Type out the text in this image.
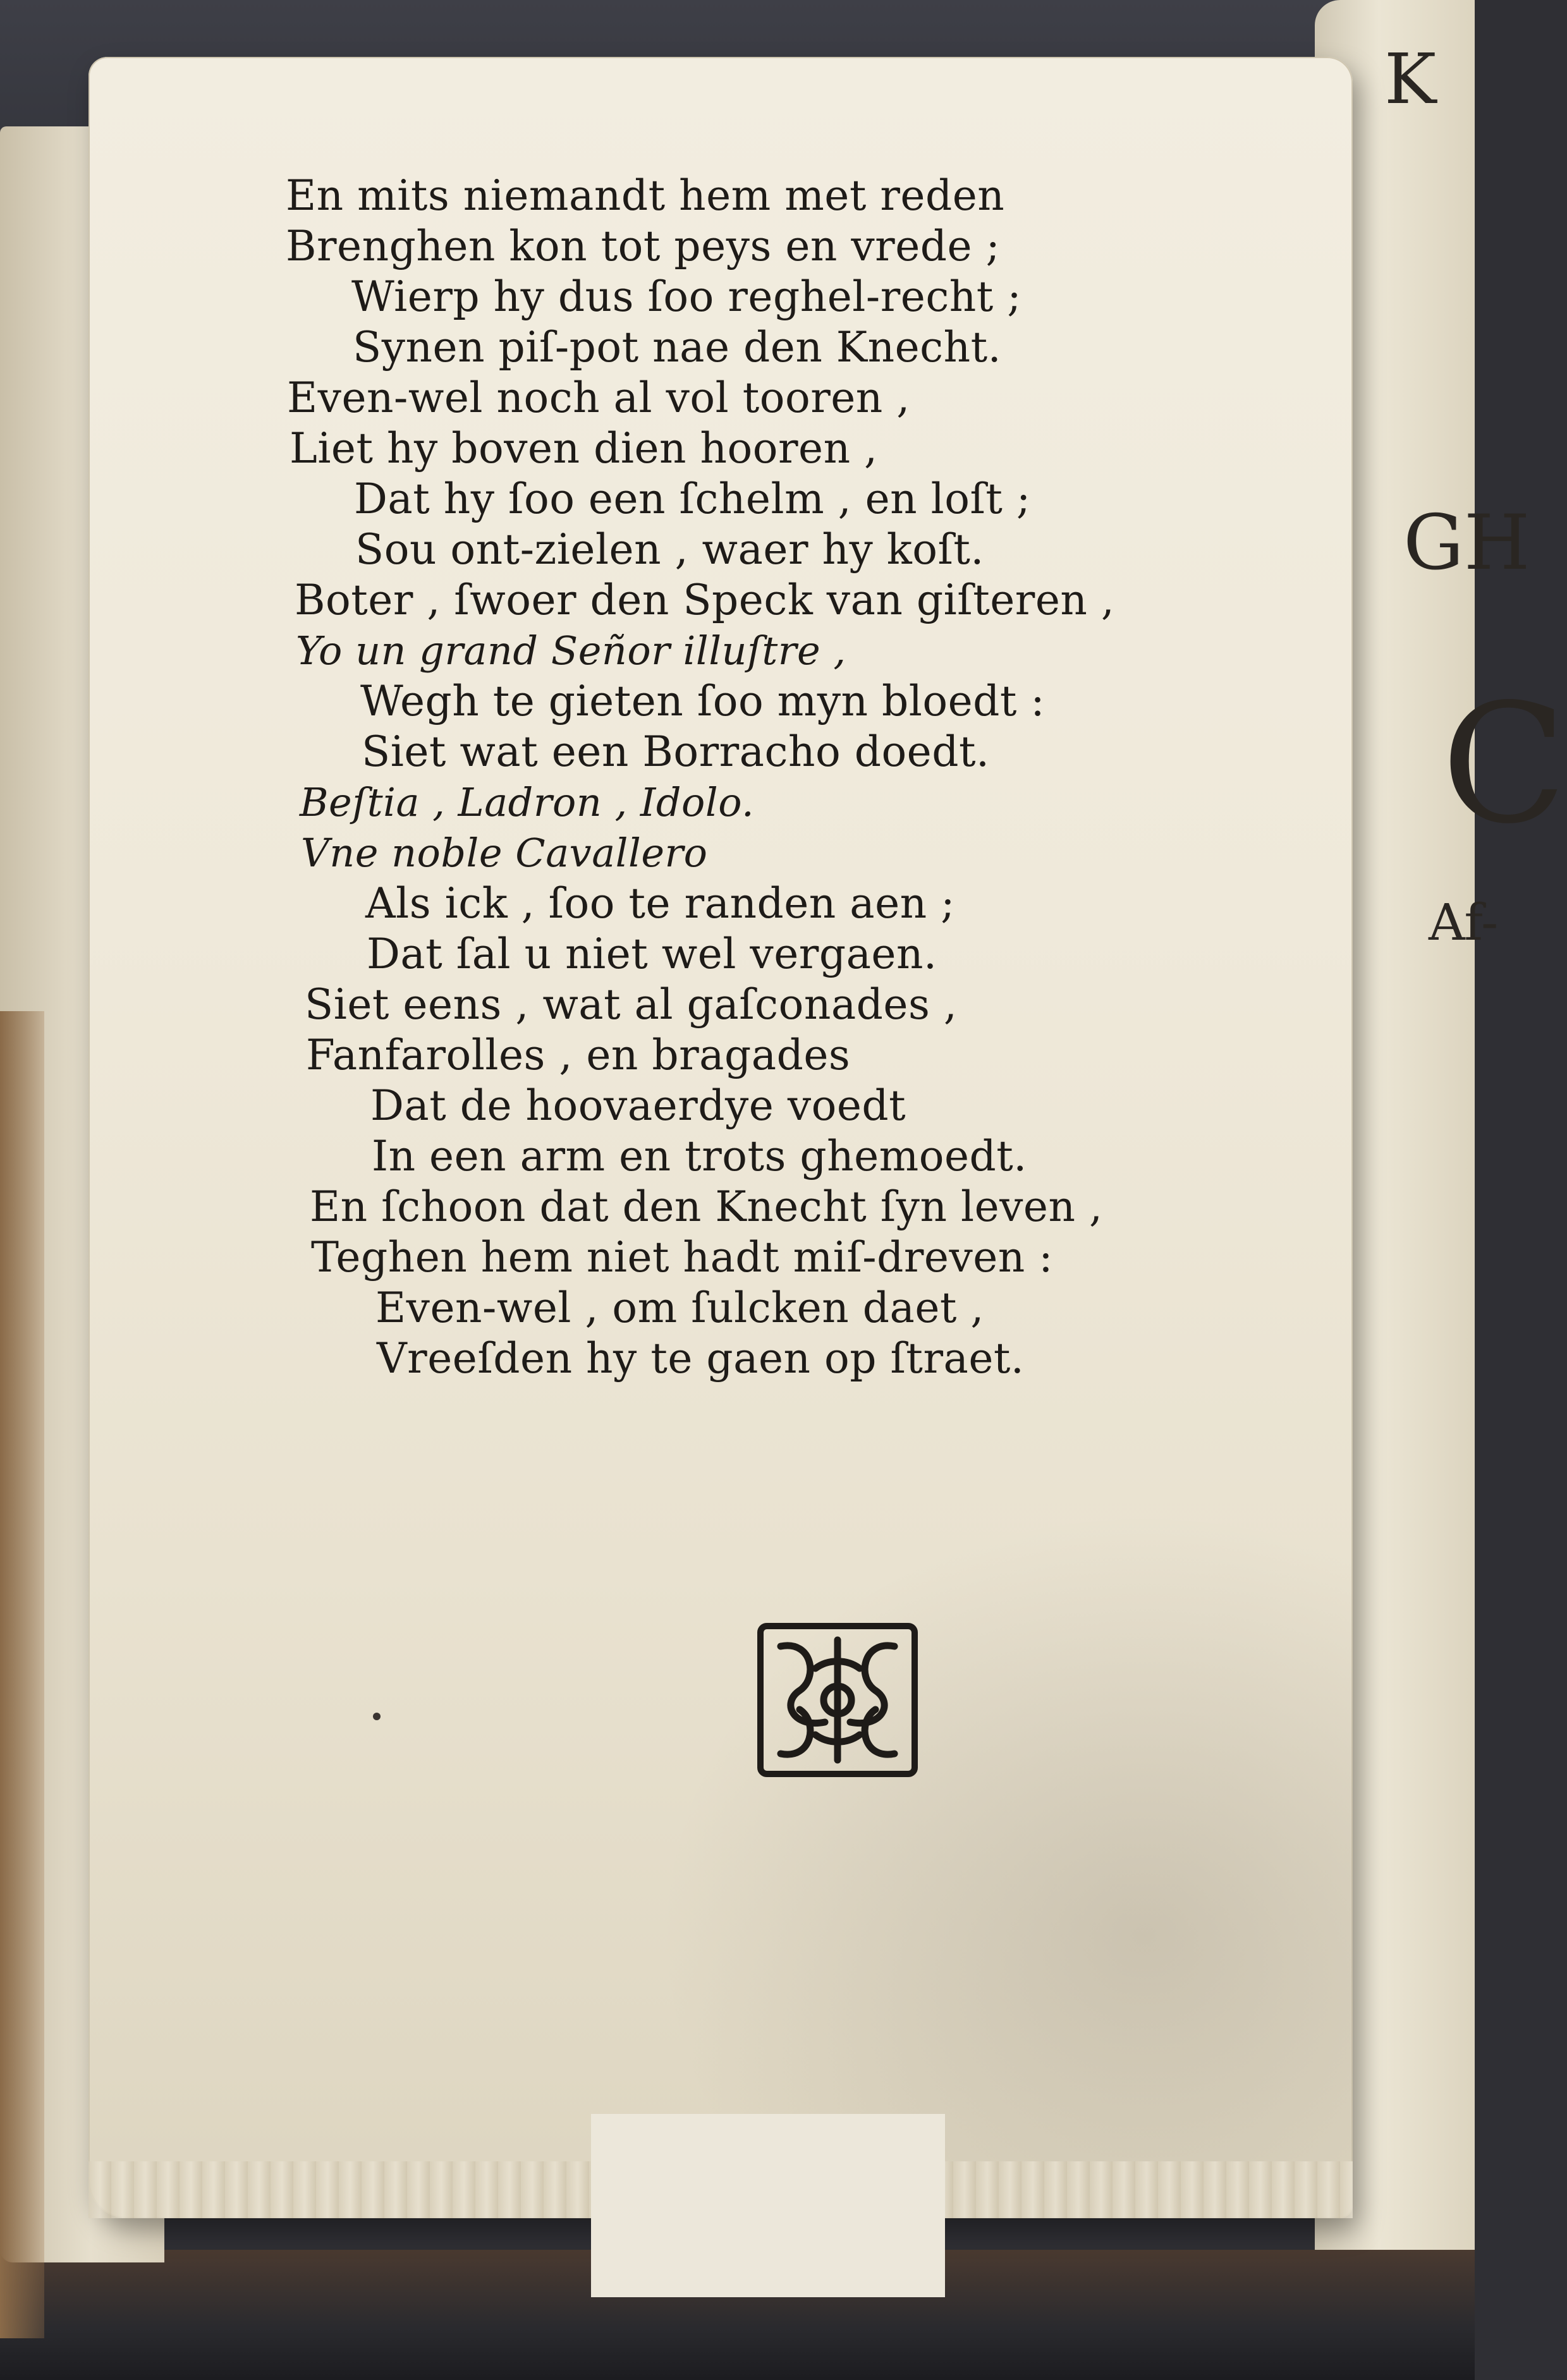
K
GH
C
Af-
En mits niemandt hem met reden
Brenghen kon tot peys en vrede ;
Wierp hy dus ſoo reghel-recht ;
Synen piſ-pot nae den Knecht.
Even-wel noch al vol tooren ,
Liet hy boven dien hooren ,
Dat hy ſoo een ſchelm , en loſt ;
Sou ont-zielen , waer hy koſt.
Boter , ſwoer den Speck van giſteren ,
Yo un grand Señor illuſtre ,
Wegh te gieten ſoo myn bloedt :
Siet wat een Borracho doedt.
Beſtia , Ladron , Idolo.
Vne noble Cavallero
Als ick , ſoo te randen aen ;
Dat ſal u niet wel vergaen.
Siet eens , wat al gaſconades ,
Fanfarolles , en bragades
Dat de hoovaerdye voedt
In een arm en trots ghemoedt.
En ſchoon dat den Knecht ſyn leven ,
Teghen hem niet hadt miſ-dreven :
Even-wel , om ſulcken daet ,
Vreeſden hy te gaen op ſtraet.
